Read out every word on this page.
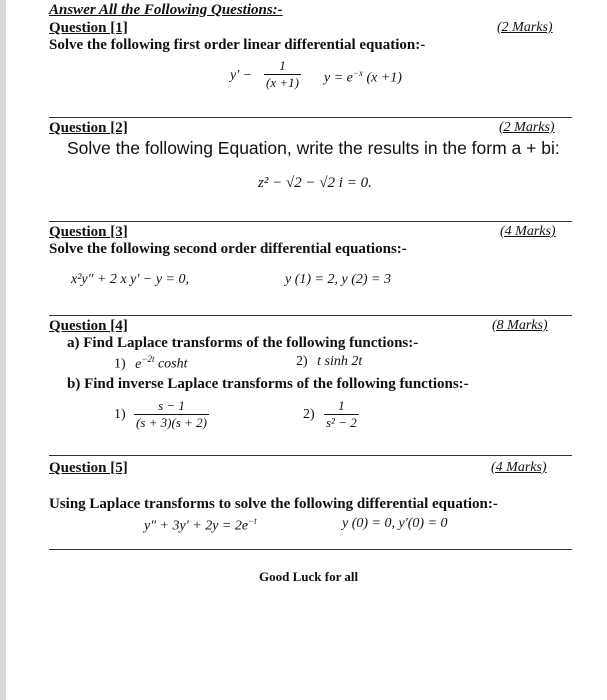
Answer All the Following Questions:-
Question [1]	(2 Marks)
Solve the following first order linear differential equation:-
$y' - \frac{1}{(x +1)}$ $y = e^{-x}$ (x +1)
Question [2]	(2 Marks)
Solve the following Equation, write the results in the form a + bi:
z² − √2 − √2 i = 0.
Question [3]	(4 Marks)
Solve the following second order differential equations:-
x²y″ + 2 x y′ − y = 0,	y (1) = 2, y (2) = 3
Question [4]	(8 Marks)
a) Find Laplace transforms of the following functions:-
1) $e^{-2t}$ cosht	2) t sinh 2t
b) Find inverse Laplace transforms of the following functions:-
$1) \frac{s - 1}{(s + 3)(s + 2)}$	$2) \frac{1}{\text{s² − 2}}$
Question [5]	(4 Marks)
Using Laplace transforms to solve the following differential equation:-
$y'' + 3y' + 2y = 2e^{-t}$	y (0) = 0, y′(0) = 0
Good Luck for all
